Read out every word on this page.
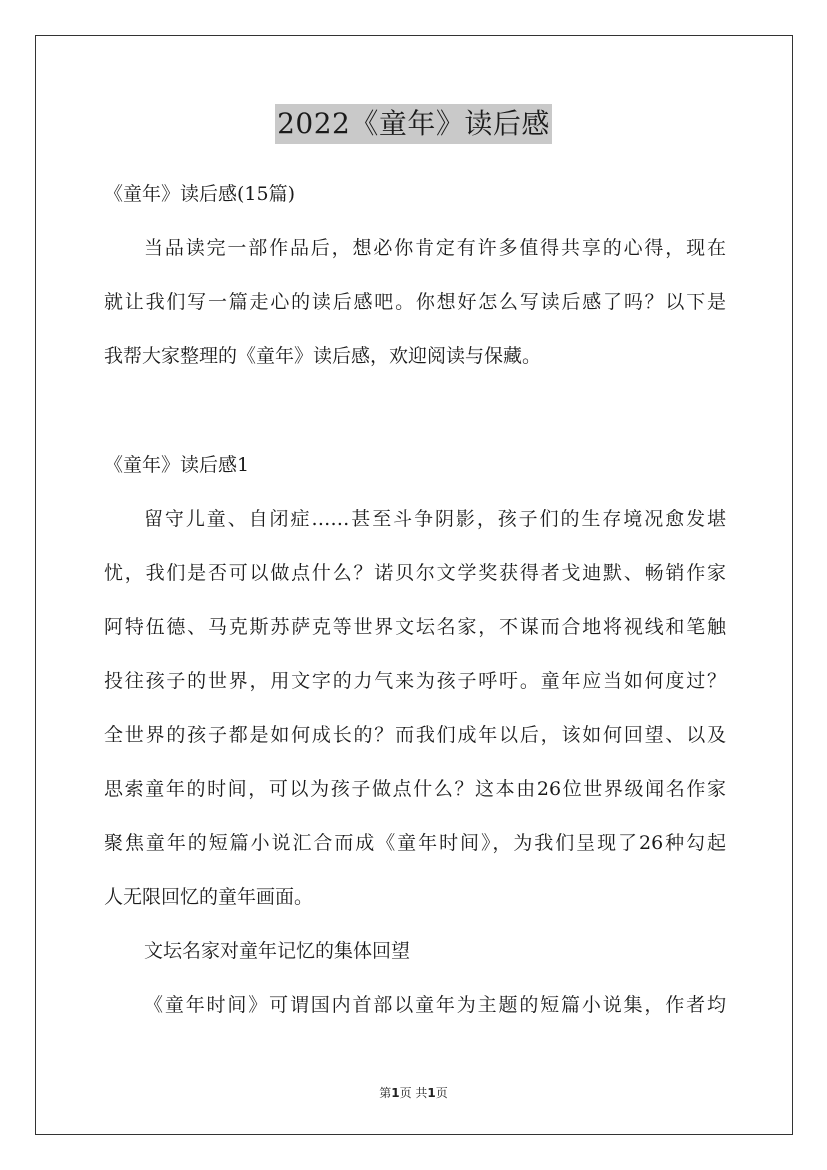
2022《童年》读后感
《童年》读后感(15篇)
当品读完一部作品后，想必你肯定有许多值得共享的心得，现在
就让我们写一篇走心的读后感吧。你想好怎么写读后感了吗？以下是
我帮大家整理的《童年》读后感，欢迎阅读与保藏。
《童年》读后感1
留守儿童、自闭症……甚至斗争阴影，孩子们的生存境况愈发堪
忧，我们是否可以做点什么？诺贝尔文学奖获得者戈迪默、畅销作家
阿特伍德、马克斯苏萨克等世界文坛名家，不谋而合地将视线和笔触
投往孩子的世界，用文字的力气来为孩子呼吁。童年应当如何度过？
全世界的孩子都是如何成长的？而我们成年以后，该如何回望、以及
思索童年的时间，可以为孩子做点什么？这本由26位世界级闻名作家
聚焦童年的短篇小说汇合而成《童年时间》，为我们呈现了26种勾起
人无限回忆的童年画面。
文坛名家对童年记忆的集体回望
《童年时间》可谓国内首部以童年为主题的短篇小说集，作者均
第1页 共1页
